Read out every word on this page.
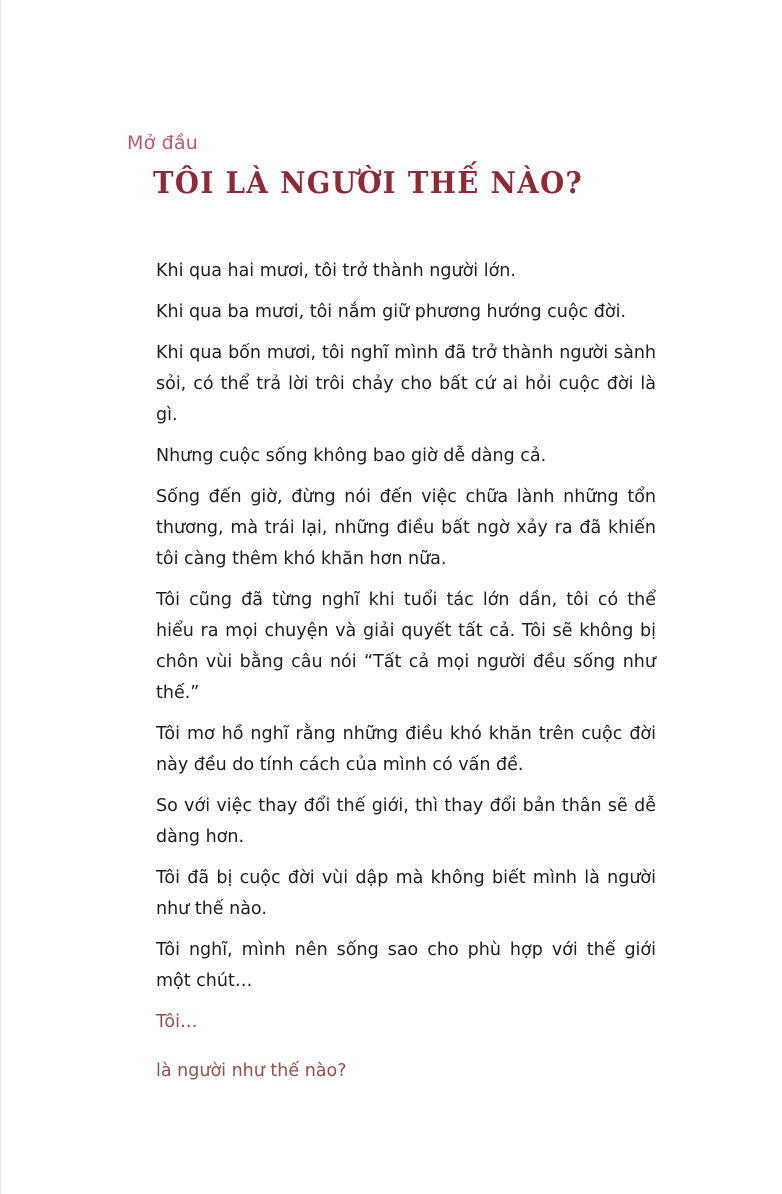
Mở đầu
TÔI LÀ NGƯỜI THẾ NÀO?

Khi qua hai mươi, tôi trở thành người lớn.

Khi qua ba mươi, tôi nắm giữ phương hướng cuộc đời.

Khi qua bốn mươi, tôi nghĩ mình đã trở thành người sành sỏi, có thể trả lời trôi chảy cho bất cứ ai hỏi cuộc đời là gì.

Nhưng cuộc sống không bao giờ dễ dàng cả.

Sống đến giờ, đừng nói đến việc chữa lành những tổn thương, mà trái lại, những điều bất ngờ xảy ra đã khiến tôi càng thêm khó khăn hơn nữa.

Tôi cũng đã từng nghĩ khi tuổi tác lớn dần, tôi có thể hiểu ra mọi chuyện và giải quyết tất cả. Tôi sẽ không bị chôn vùi bằng câu nói “Tất cả mọi người đều sống như thế.”

Tôi mơ hồ nghĩ rằng những điều khó khăn trên cuộc đời này đều do tính cách của mình có vấn đề.

So với việc thay đổi thế giới, thì thay đổi bản thân sẽ dễ dàng hơn.

Tôi đã bị cuộc đời vùi dập mà không biết mình là người như thế nào.

Tôi nghĩ, mình nên sống sao cho phù hợp với thế giới một chút…

Tôi…

là người như thế nào?
